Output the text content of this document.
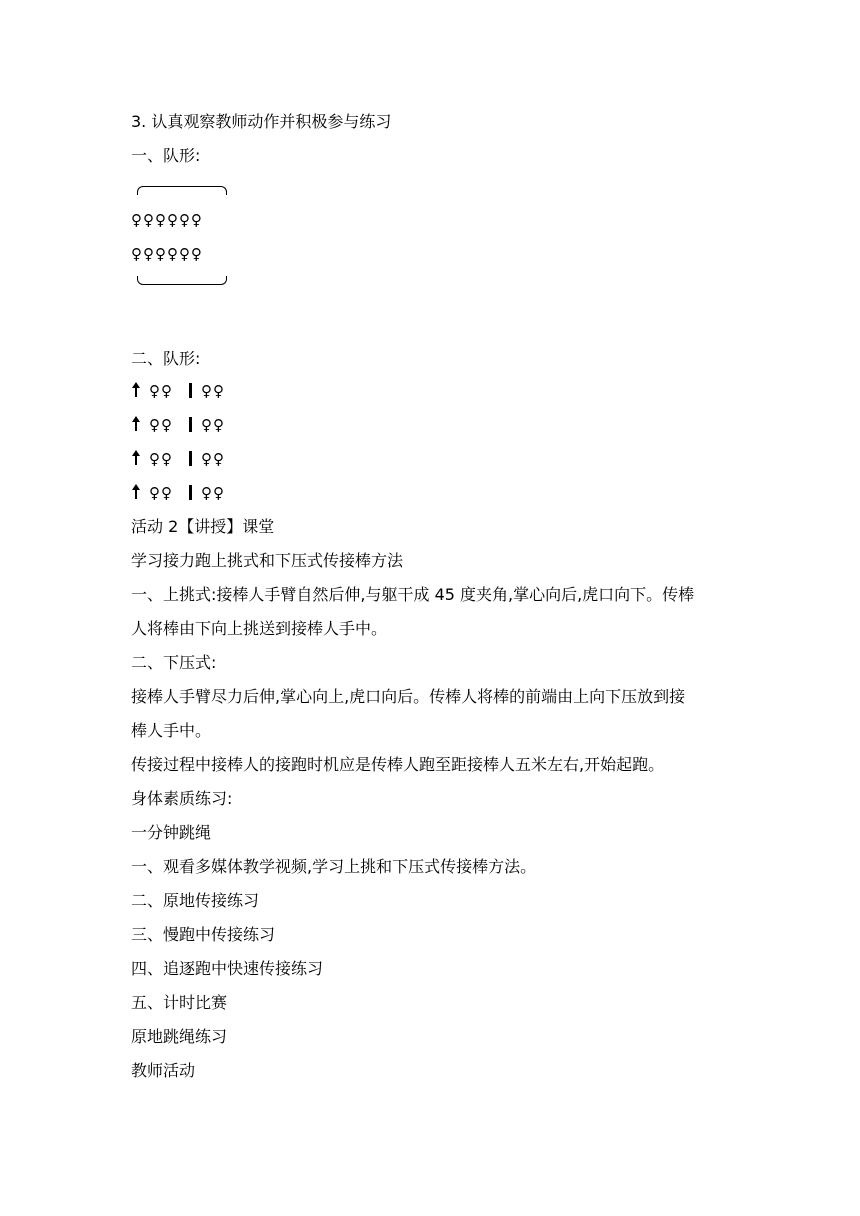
3. 认真观察教师动作并积极参与练习
一、队形:
♀♀♀♀♀♀
♀♀♀♀♀♀
二、队形:
♀♀ ♀♀
♀♀ ♀♀
♀♀ ♀♀
♀♀ ♀♀
活动 2【讲授】课堂
学习接力跑上挑式和下压式传接棒方法
一、上挑式:接棒人手臂自然后伸,与躯干成 45 度夹角,掌心向后,虎口向下。传棒
人将棒由下向上挑送到接棒人手中。
二、下压式:
接棒人手臂尽力后伸,掌心向上,虎口向后。传棒人将棒的前端由上向下压放到接
棒人手中。
传接过程中接棒人的接跑时机应是传棒人跑至距接棒人五米左右,开始起跑。
身体素质练习:
一分钟跳绳
一、观看多媒体教学视频,学习上挑和下压式传接棒方法。
二、原地传接练习
三、慢跑中传接练习
四、追逐跑中快速传接练习
五、计时比赛
原地跳绳练习
教师活动
